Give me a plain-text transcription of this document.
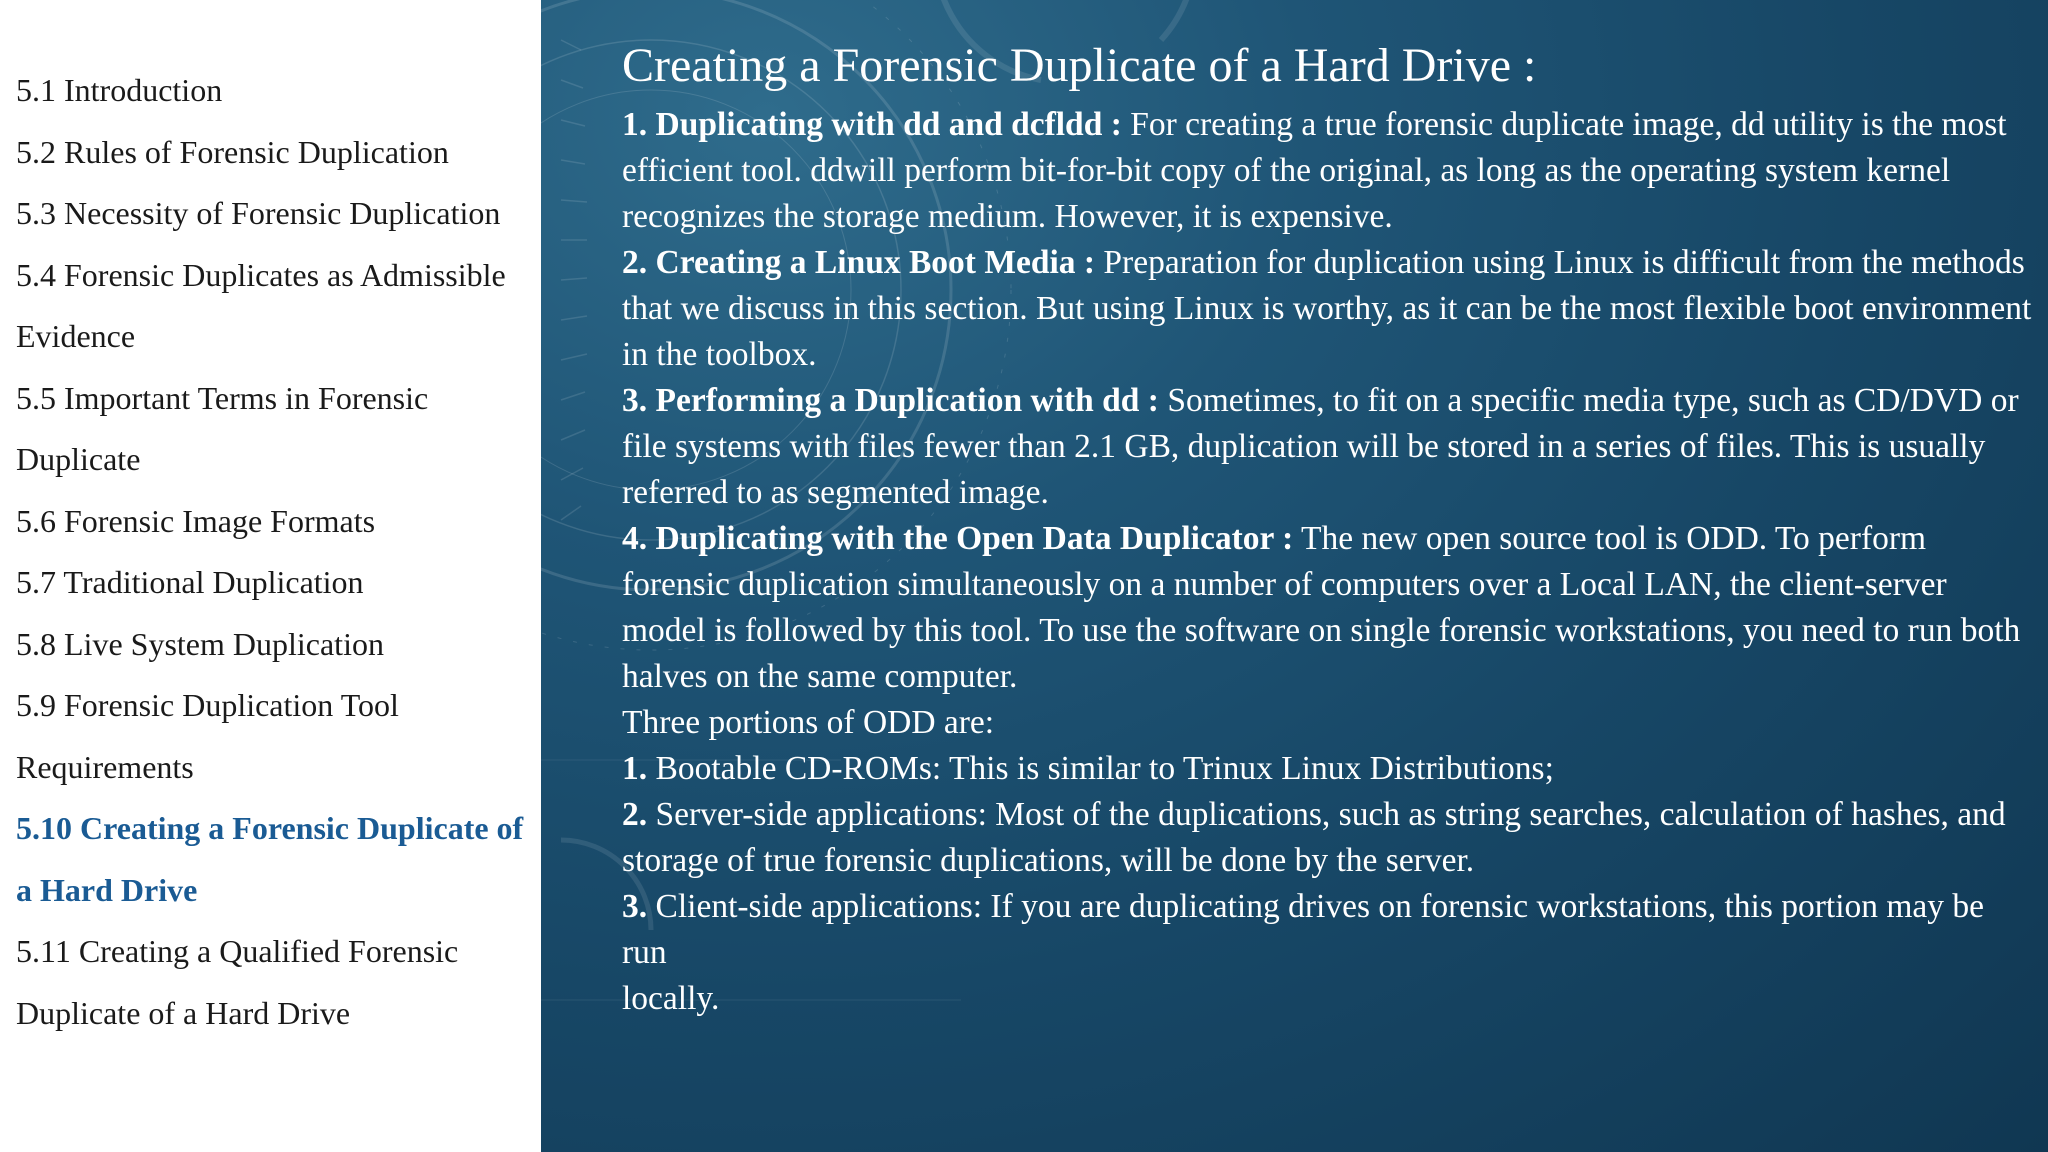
5.1 Introduction
5.2 Rules of Forensic Duplication
5.3 Necessity of Forensic Duplication
5.4 Forensic Duplicates as Admissible Evidence
5.5 Important Terms in Forensic Duplicate
5.6 Forensic Image Formats
5.7 Traditional Duplication
5.8 Live System Duplication
5.9 Forensic Duplication Tool Requirements
5.10 Creating a Forensic Duplicate of a Hard Drive
5.11 Creating a Qualified Forensic Duplicate of a Hard Drive
Creating a Forensic Duplicate of a Hard Drive :

1. Duplicating with dd and dcfldd : For creating a true forensic duplicate image, dd utility is the most efficient tool. ddwill perform bit-for-bit copy of the original, as long as the operating system kernel recognizes the storage medium. However, it is expensive.

2. Creating a Linux Boot Media : Preparation for duplication using Linux is difficult from the methods that we discuss in this section. But using Linux is worthy, as it can be the most flexible boot environment in the toolbox.

3. Performing a Duplication with dd : Sometimes, to fit on a specific media type, such as CD/DVD or file systems with files fewer than 2.1 GB, duplication will be stored in a series of files. This is usually referred to as segmented image.

4. Duplicating with the Open Data Duplicator : The new open source tool is ODD. To perform forensic duplication simultaneously on a number of computers over a Local LAN, the client-server model is followed by this tool. To use the software on single forensic workstations, you need to run both halves on the same computer.

Three portions of ODD are:

1. Bootable CD-ROMs: This is similar to Trinux Linux Distributions;

2. Server-side applications: Most of the duplications, such as string searches, calculation of hashes, and

storage of true forensic duplications, will be done by the server.

3. Client-side applications: If you are duplicating drives on forensic workstations, this portion may be run

locally.
